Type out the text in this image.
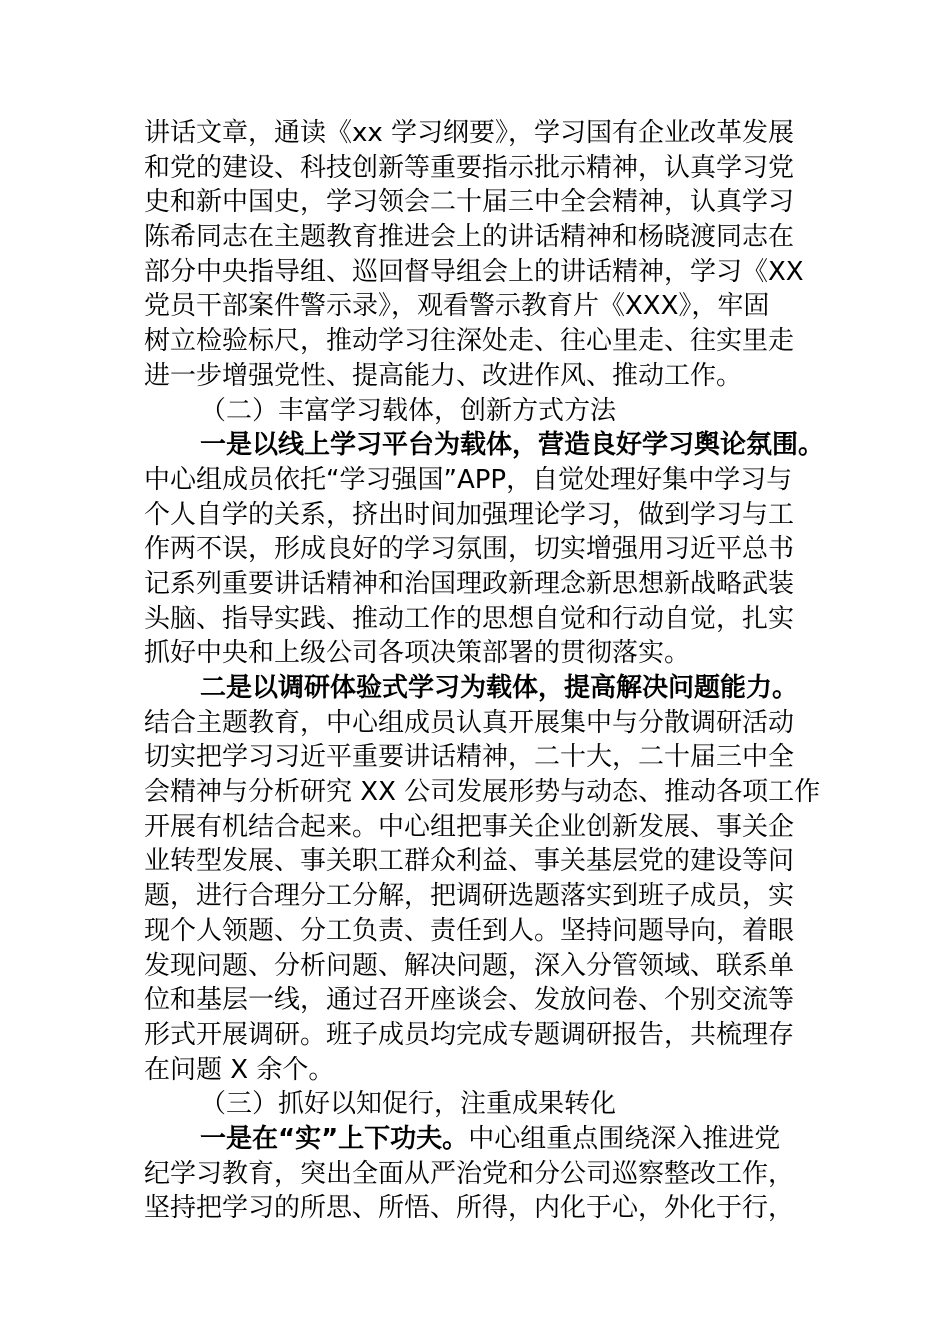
讲话文章，通读《xx 学习纲要》，学习国有企业改革发展
和党的建设、科技创新等重要指示批示精神，认真学习党
史和新中国史，学习领会二十届三中全会精神，认真学习
陈希同志在主题教育推进会上的讲话精神和杨晓渡同志在
部分中央指导组、巡回督导组会上的讲话精神，学习《XX
党员干部案件警示录》，观看警示教育片《XXX》，牢固
树立检验标尺，推动学习往深处走、往心里走、往实里走
进一步增强党性、提高能力、改进作风、推动工作。
（二）丰富学习载体，创新方式方法
一是以线上学习平台为载体，营造良好学习舆论氛围。
中心组成员依托“学习强国”APP，自觉处理好集中学习与
个人自学的关系，挤出时间加强理论学习，做到学习与工
作两不误，形成良好的学习氛围，切实增强用习近平总书
记系列重要讲话精神和治国理政新理念新思想新战略武装
头脑、指导实践、推动工作的思想自觉和行动自觉，扎实
抓好中央和上级公司各项决策部署的贯彻落实。
二是以调研体验式学习为载体，提高解决问题能力。
结合主题教育，中心组成员认真开展集中与分散调研活动
切实把学习习近平重要讲话精神，二十大，二十届三中全
会精神与分析研究 XX 公司发展形势与动态、推动各项工作
开展有机结合起来。中心组把事关企业创新发展、事关企
业转型发展、事关职工群众利益、事关基层党的建设等问
题，进行合理分工分解，把调研选题落实到班子成员，实
现个人领题、分工负责、责任到人。坚持问题导向，着眼
发现问题、分析问题、解决问题，深入分管领域、联系单
位和基层一线，通过召开座谈会、发放问卷、个别交流等
形式开展调研。班子成员均完成专题调研报告，共梳理存
在问题 X 余个。
（三）抓好以知促行，注重成果转化
一是在“实”上下功夫。中心组重点围绕深入推进党
纪学习教育，突出全面从严治党和分公司巡察整改工作，
坚持把学习的所思、所悟、所得，内化于心，外化于行，
